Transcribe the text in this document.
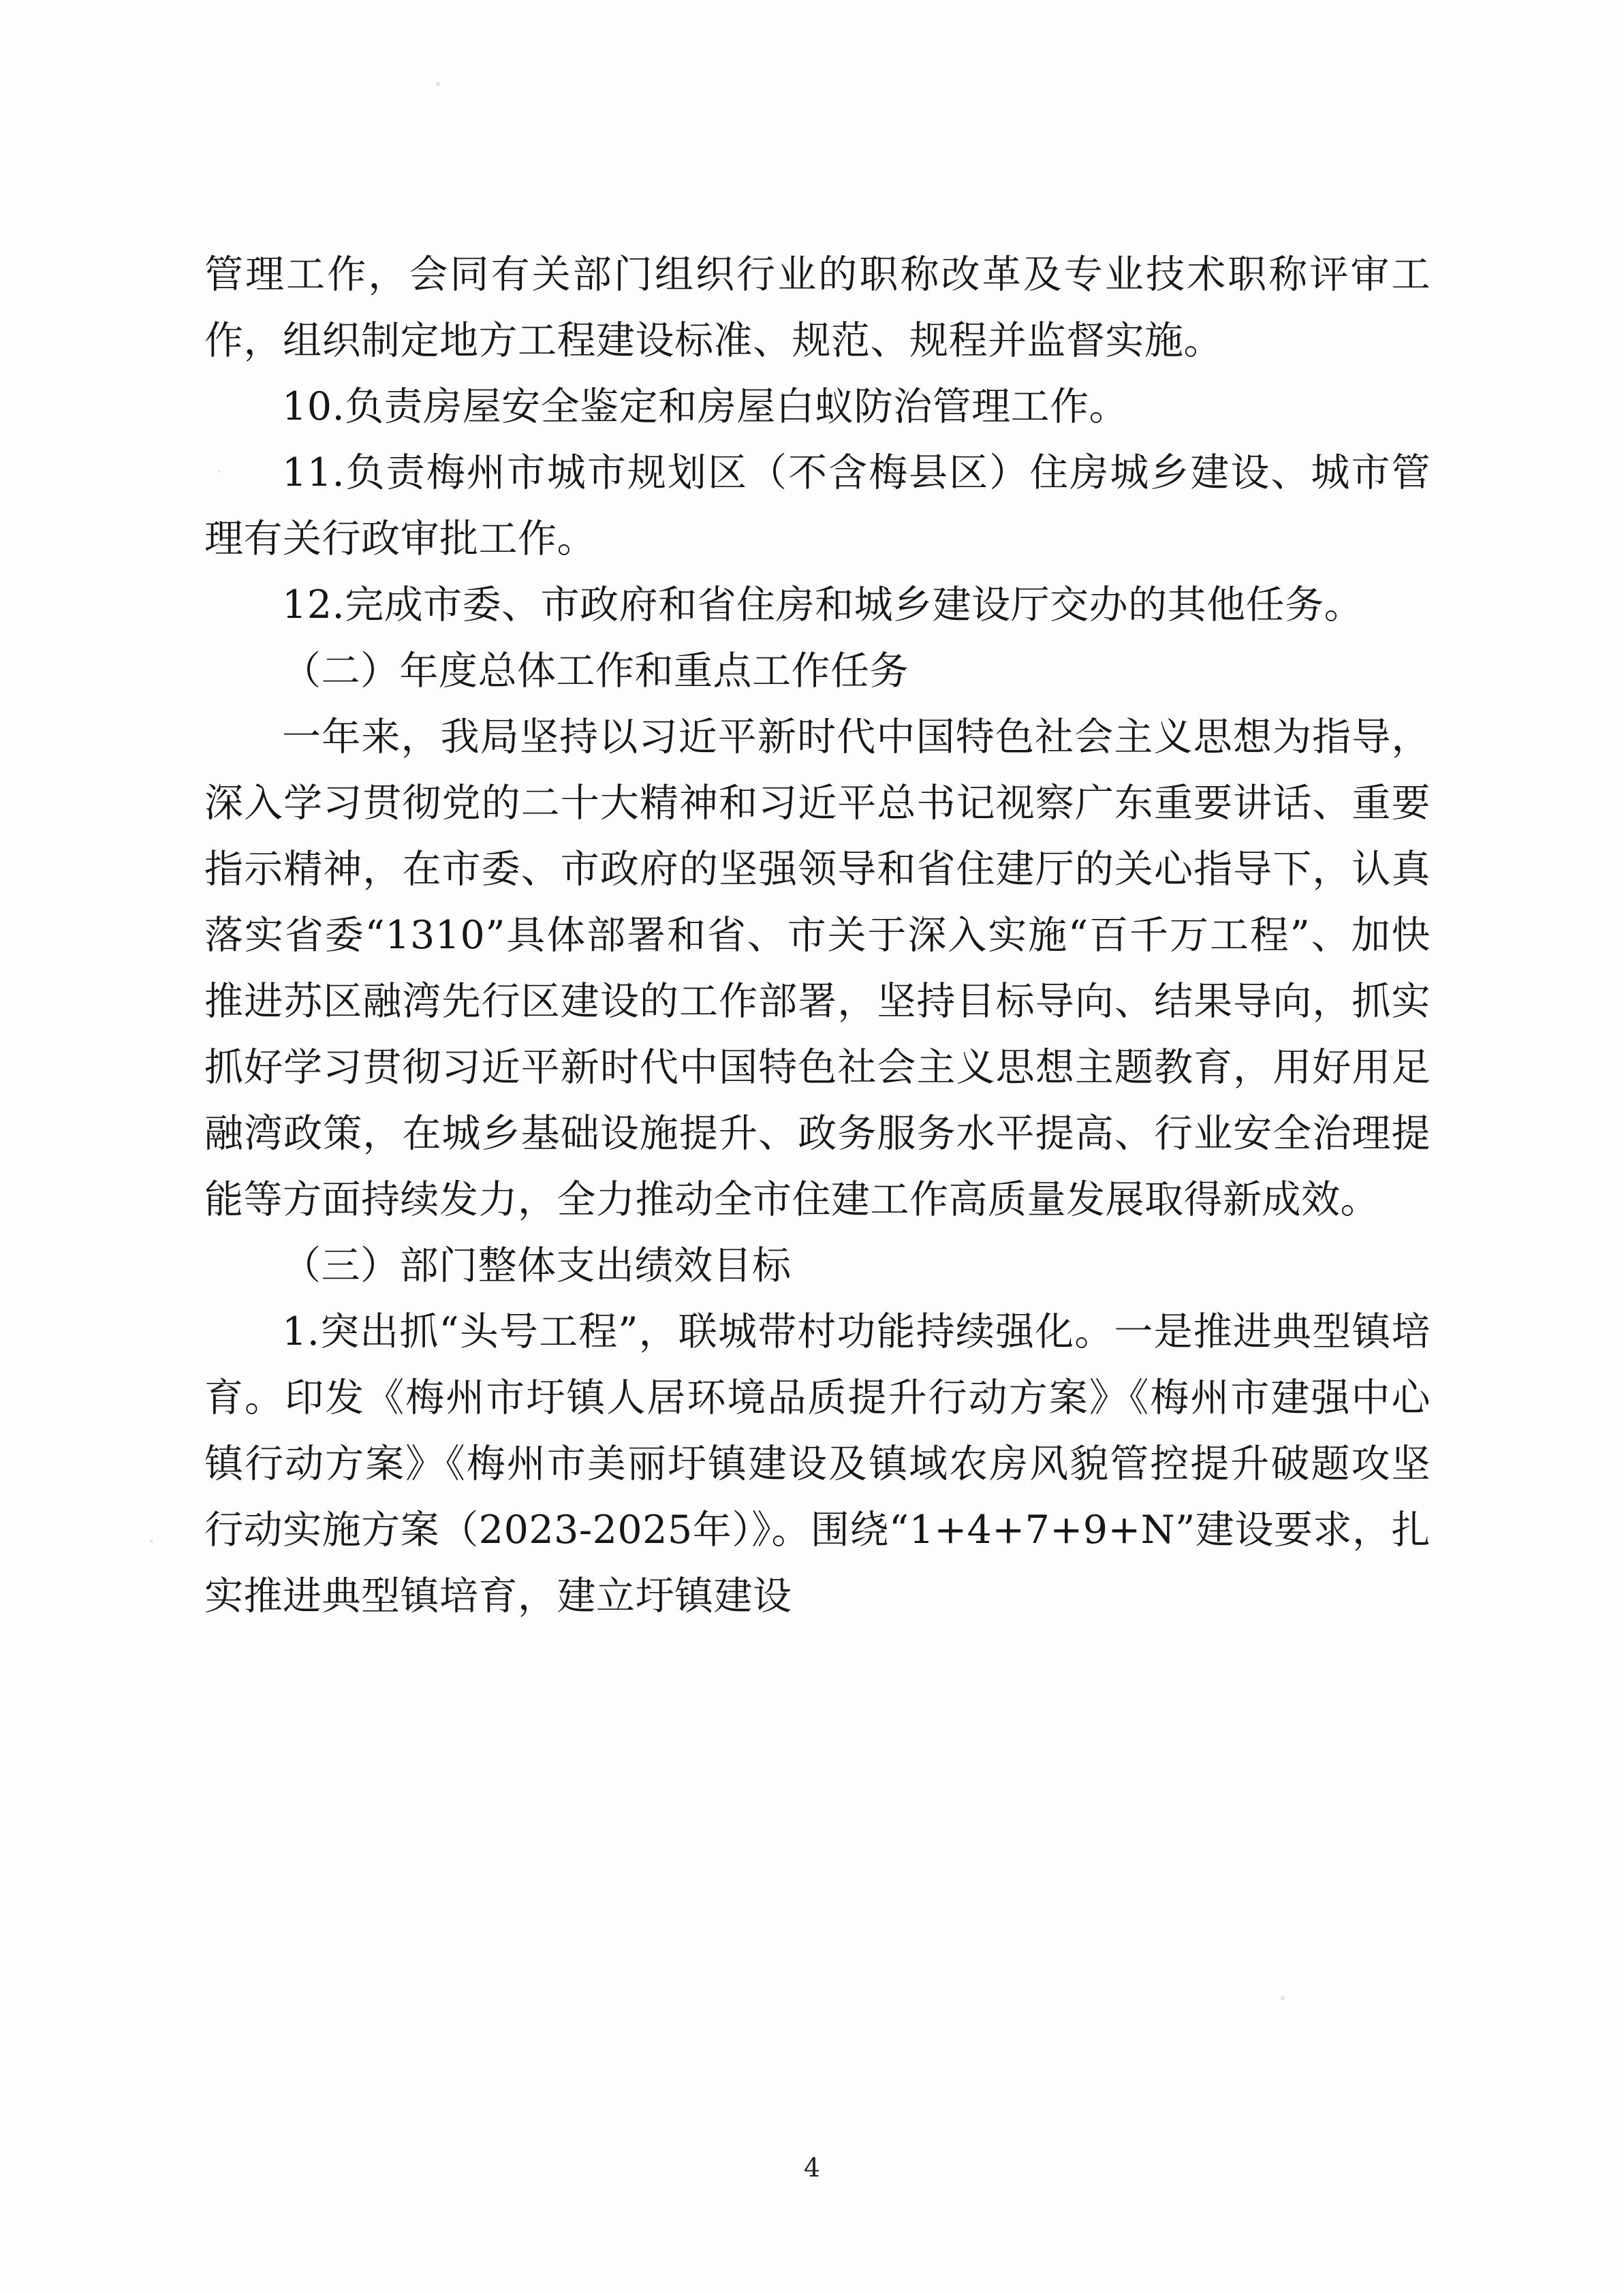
管理工作，会同有关部门组织行业的职称改革及专业技术职称评审工作，组织制定地方工程建设标准、规范、规程并监督实施。

10.负责房屋安全鉴定和房屋白蚁防治管理工作。

11.负责梅州市城市规划区（不含梅县区）住房城乡建设、城市管理有关行政审批工作。

12.完成市委、市政府和省住房和城乡建设厅交办的其他任务。

（二）年度总体工作和重点工作任务

一年来，我局坚持以习近平新时代中国特色社会主义思想为指导，深入学习贯彻党的二十大精神和习近平总书记视察广东重要讲话、重要指示精神，在市委、市政府的坚强领导和省住建厅的关心指导下，认真落实省委“1310”具体部署和省、市关于深入实施“百千万工程”、加快推进苏区融湾先行区建设的工作部署，坚持目标导向、结果导向，抓实抓好学习贯彻习近平新时代中国特色社会主义思想主题教育，用好用足融湾政策，在城乡基础设施提升、政务服务水平提高、行业安全治理提能等方面持续发力，全力推动全市住建工作高质量发展取得新成效。

（三）部门整体支出绩效目标

1.突出抓“头号工程”，联城带村功能持续强化。一是推进典型镇培育。印发《梅州市圩镇人居环境品质提升行动方案》《梅州市建强中心镇行动方案》《梅州市美丽圩镇建设及镇域农房风貌管控提升破题攻坚行动实施方案（2023-2025年）》。围绕“1+4+7+9+N”建设要求，扎实推进典型镇培育，建立圩镇建设

4
